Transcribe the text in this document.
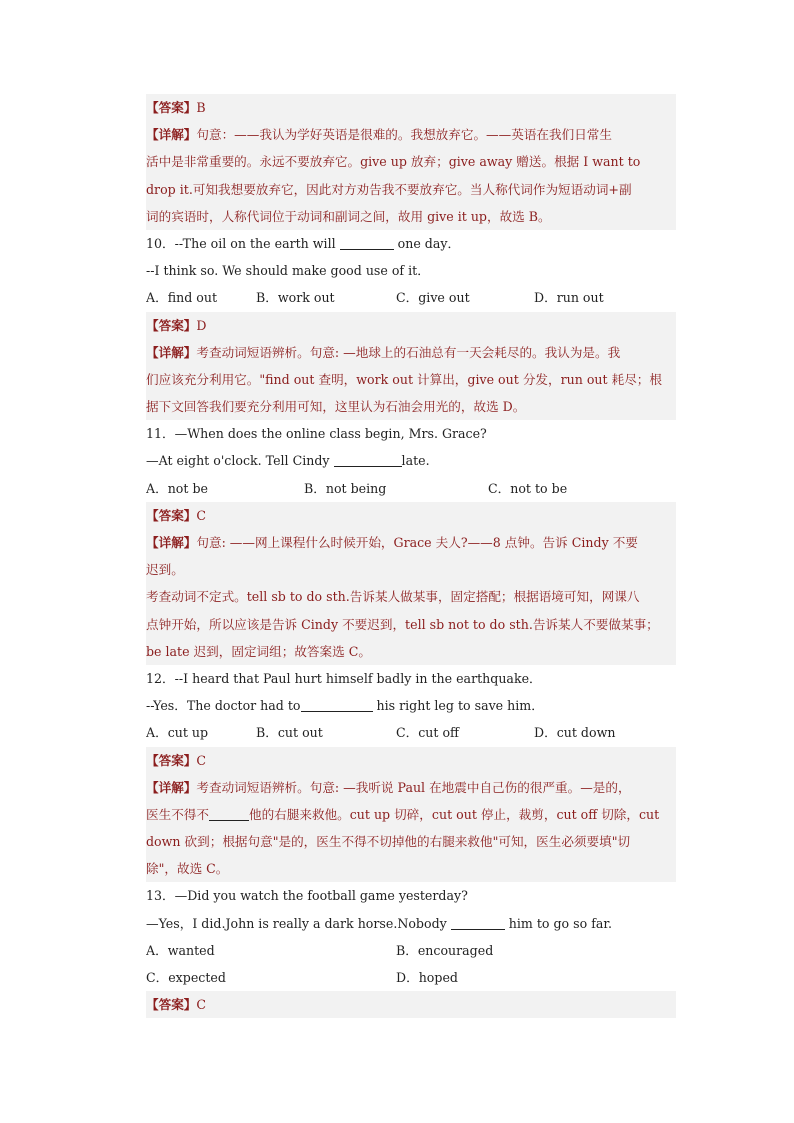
【答案】B
【详解】句意：——我认为学好英语是很难的。我想放弃它。——英语在我们日常生
活中是非常重要的。永远不要放弃它。give up 放弃；give away 赠送。根据 I want to
drop it.可知我想要放弃它，因此对方劝告我不要放弃它。当人称代词作为短语动词+副
词的宾语时，人称代词位于动词和副词之间，故用 give it up，故选 B。
10．--The oil on the earth will	one day．
--I think so. We should make good use of it．
A．find out	B．work out	C．give out	D．run out
【答案】D
【详解】考查动词短语辨析。句意: —地球上的石油总有一天会耗尽的。我认为是。我
们应该充分利用它。"find out 查明，work out 计算出，give out 分发，run out 耗尽；根
据下文回答我们要充分利用可知，这里认为石油会用光的，故选 D。
11．—When does the online class begin, Mrs. Grace?
—At eight o'clock. Tell Cindy	late.
A．not be	B．not being	C．not to be
【答案】C
【详解】句意: ——网上课程什么时候开始，Grace 夫人?——8 点钟。告诉 Cindy 不要
迟到。
考查动词不定式。tell sb to do sth.告诉某人做某事，固定搭配；根据语境可知，网课八
点钟开始，所以应该是告诉 Cindy 不要迟到，tell sb not to do sth.告诉某人不要做某事；
be late 迟到，固定词组；故答案选 C。
12．--I heard that Paul hurt himself badly in the earthquake．
--Yes．The doctor had to	his right leg to save him．
A．cut up	B．cut out	C．cut off	D．cut down
【答案】C
【详解】考查动词短语辨析。句意: —我听说 Paul 在地震中自己伤的很严重。—是的，
医生不得不	他的右腿来救他。cut up 切碎，cut out 停止，裁剪，cut off 切除，cut
down 砍到；根据句意"是的，医生不得不切掉他的右腿来救他"可知，医生必须要填"切
除"，故选 C。
13．—Did you watch the football game yesterday?
—Yes，I did.John is really a dark horse.Nobody	him to go so far.
A．wanted	B．encouraged
C．expected	D．hoped
【答案】C
